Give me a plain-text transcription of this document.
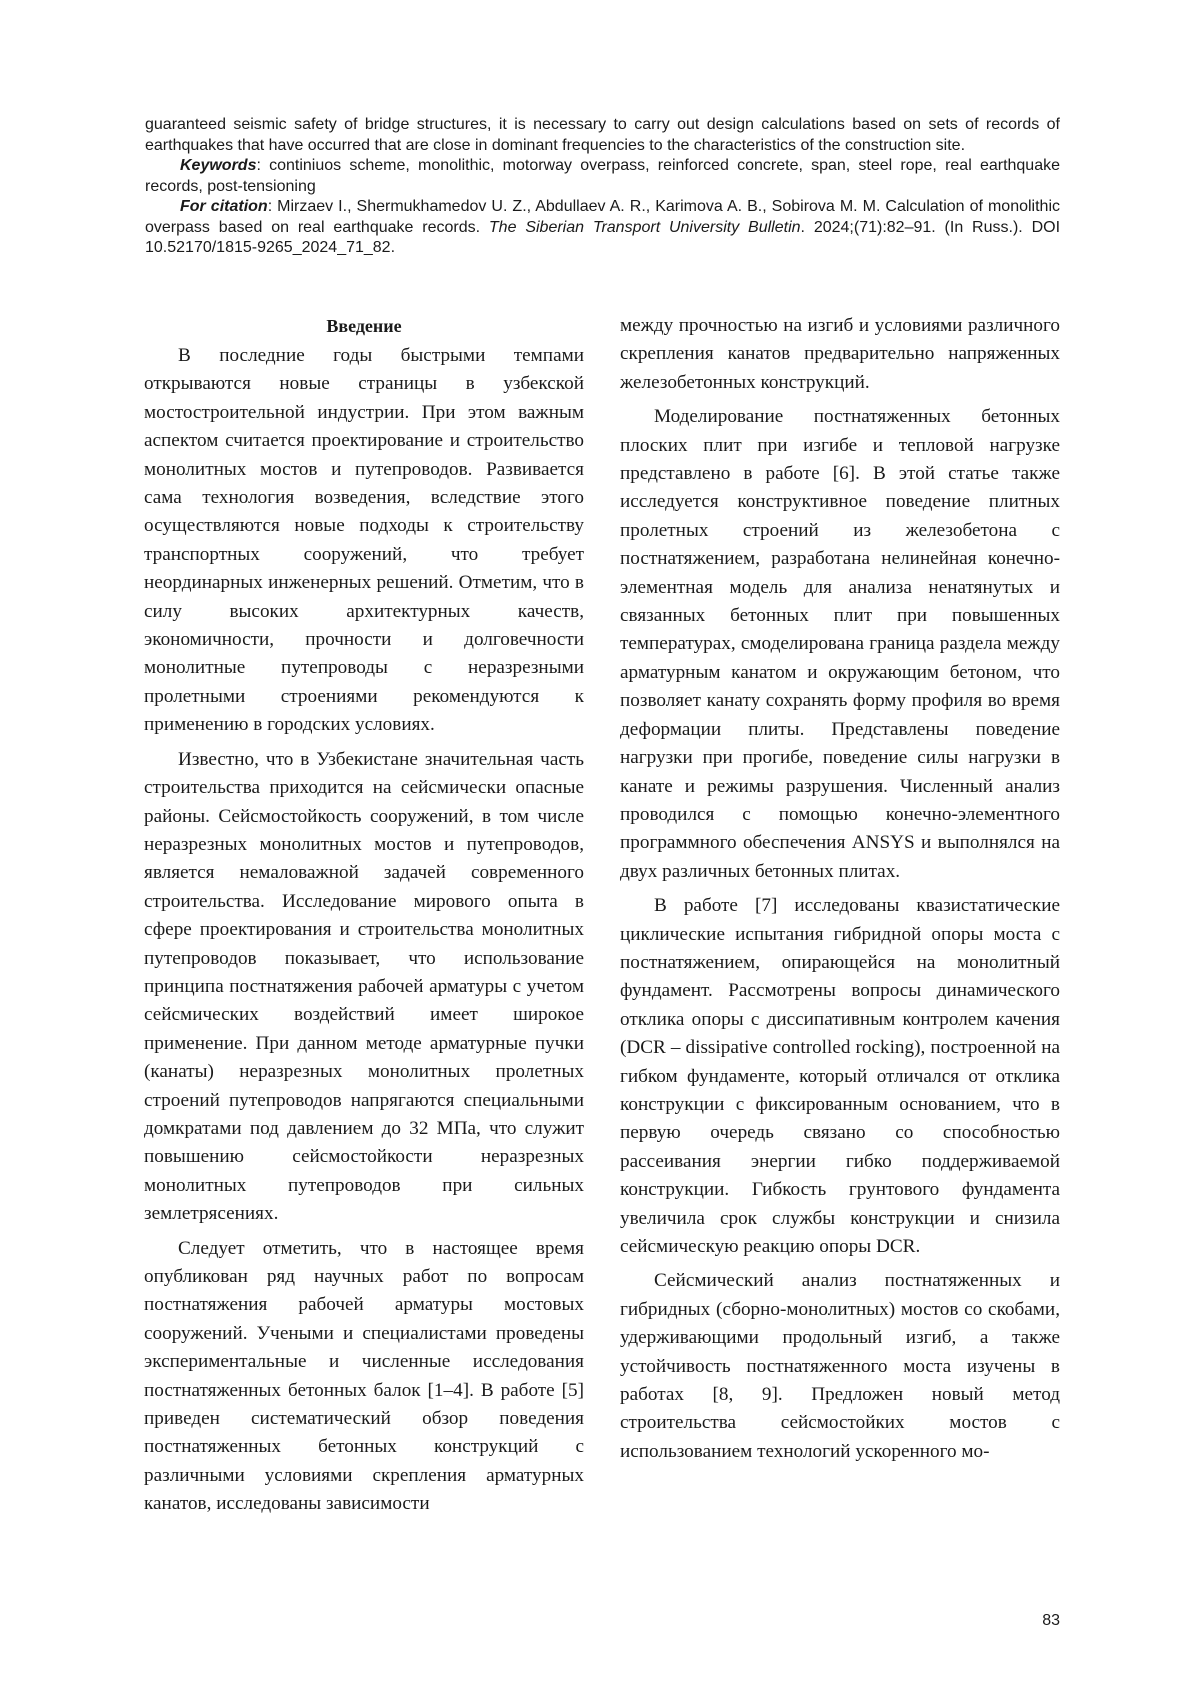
guaranteed seismic safety of bridge structures, it is necessary to carry out design calculations based on sets of records of earthquakes that have occurred that are close in dominant frequencies to the characteristics of the construction site.

Keywords: continiuos scheme, monolithic, motorway overpass, reinforced concrete, span, steel rope, real earthquake records, post-tensioning

For citation: Mirzaev I., Shermukhamedov U. Z., Abdullaev A. R., Karimova A. B., Sobirova M. M. Calculation of monolithic overpass based on real earthquake records. The Siberian Transport University Bulletin. 2024;(71):82–91. (In Russ.). DOI 10.52170/1815-9265_2024_71_82.

Введение

В последние годы быстрыми темпами открываются новые страницы в узбекской мостостроительной индустрии. При этом важным аспектом считается проектирование и строительство монолитных мостов и путепроводов. Развивается сама технология возведения, вследствие этого осуществляются новые подходы к строительству транспортных сооружений, что требует неординарных инженерных решений. Отметим, что в силу высоких архитектурных качеств, экономичности, прочности и долговечности монолитные путепроводы с неразрезными пролетными строениями рекомендуются к применению в городских условиях.

Известно, что в Узбекистане значительная часть строительства приходится на сейсмически опасные районы. Сейсмостойкость сооружений, в том числе неразрезных монолитных мостов и путепроводов, является немаловажной задачей современного строительства. Исследование мирового опыта в сфере проектирования и строительства монолитных путепроводов показывает, что использование принципа постнатяжения рабочей арматуры с учетом сейсмических воздействий имеет широкое применение. При данном методе арматурные пучки (канаты) неразрезных монолитных пролетных строений путепроводов напрягаются специальными домкратами под давлением до 32 МПа, что служит повышению сейсмостойкости неразрезных монолитных путепроводов при сильных землетрясениях.

Следует отметить, что в настоящее время опубликован ряд научных работ по вопросам постнатяжения рабочей арматуры мостовых сооружений. Учеными и специалистами проведены экспериментальные и численные исследования постнатяженных бетонных балок [1–4]. В работе [5] приведен систематический обзор поведения постнатяженных бетонных конструкций с различными условиями скрепления арматурных канатов, исследованы зависимости

между прочностью на изгиб и условиями различного скрепления канатов предварительно напряженных железобетонных конструкций.

Моделирование постнатяженных бетонных плоских плит при изгибе и тепловой нагрузке представлено в работе [6]. В этой статье также исследуется конструктивное поведение плитных пролетных строений из железобетона с постнатяжением, разработана нелинейная конечно-элементная модель для анализа ненатянутых и связанных бетонных плит при повышенных температурах, смоделирована граница раздела между арматурным канатом и окружающим бетоном, что позволяет канату сохранять форму профиля во время деформации плиты. Представлены поведение нагрузки при прогибе, поведение силы нагрузки в канате и режимы разрушения. Численный анализ проводился с помощью конечно-элементного программного обеспечения ANSYS и выполнялся на двух различных бетонных плитах.

В работе [7] исследованы квазистатические циклические испытания гибридной опоры моста с постнатяжением, опирающейся на монолитный фундамент. Рассмотрены вопросы динамического отклика опоры с диссипативным контролем качения (DCR – dissipative controlled rocking), построенной на гибком фундаменте, который отличался от отклика конструкции с фиксированным основанием, что в первую очередь связано со способностью рассеивания энергии гибко поддерживаемой конструкции. Гибкость грунтового фундамента увеличила срок службы конструкции и снизила сейсмическую реакцию опоры DCR.

Сейсмический анализ постнатяженных и гибридных (сборно-монолитных) мостов со скобами, удерживающими продольный изгиб, а также устойчивость постнатяженного моста изучены в работах [8, 9]. Предложен новый метод строительства сейсмостойких мостов с использованием технологий ускоренного мо-

83
